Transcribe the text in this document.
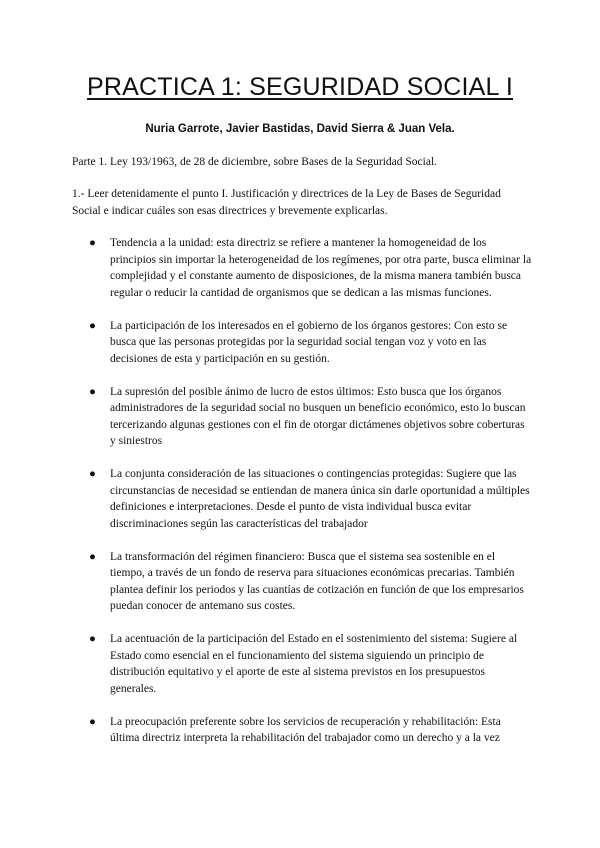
PRACTICA 1: SEGURIDAD SOCIAL I

Nuria Garrote, Javier Bastidas, David Sierra & Juan Vela.

Parte 1. Ley 193/1963, de 28 de diciembre, sobre Bases de la Seguridad Social.

1.- Leer detenidamente el punto I. Justificación y directrices de la Ley de Bases de Seguridad Social e indicar cuáles son esas directrices y brevemente explicarlas.

● Tendencia a la unidad: esta directriz se refiere a mantener la homogeneidad de los principios sin importar la heterogeneidad de los regímenes, por otra parte, busca eliminar la complejidad y el constante aumento de disposiciones, de la misma manera también busca regular o reducir la cantidad de organismos que se dedican a las mismas funciones.
● La participación de los interesados en el gobierno de los órganos gestores: Con esto se busca que las personas protegidas por la seguridad social tengan voz y voto en las decisiones de esta y participación en su gestión.
● La supresión del posible ánimo de lucro de estos últimos: Esto busca que los órganos administradores de la seguridad social no busquen un beneficio económico, esto lo buscan tercerizando algunas gestiones con el fin de otorgar dictámenes objetivos sobre coberturas y siniestros
● La conjunta consideración de las situaciones o contingencias protegidas: Sugiere que las circunstancias de necesidad se entiendan de manera única sin darle oportunidad a múltiples definiciones e interpretaciones. Desde el punto de vista individual busca evitar discriminaciones según las características del trabajador
● La transformación del régimen financiero: Busca que el sistema sea sostenible en el tiempo, a través de un fondo de reserva para situaciones económicas precarias. También plantea definir los periodos y las cuantías de cotización en función de que los empresarios puedan conocer de antemano sus costes.
● La acentuación de la participación del Estado en el sostenimiento del sistema: Sugiere al Estado como esencial en el funcionamiento del sistema siguiendo un principio de distribución equitativo y el aporte de este al sistema previstos en los presupuestos generales.
● La preocupación preferente sobre los servicios de recuperación y rehabilitación: Esta última directriz interpreta la rehabilitación del trabajador como un derecho y a la vez
